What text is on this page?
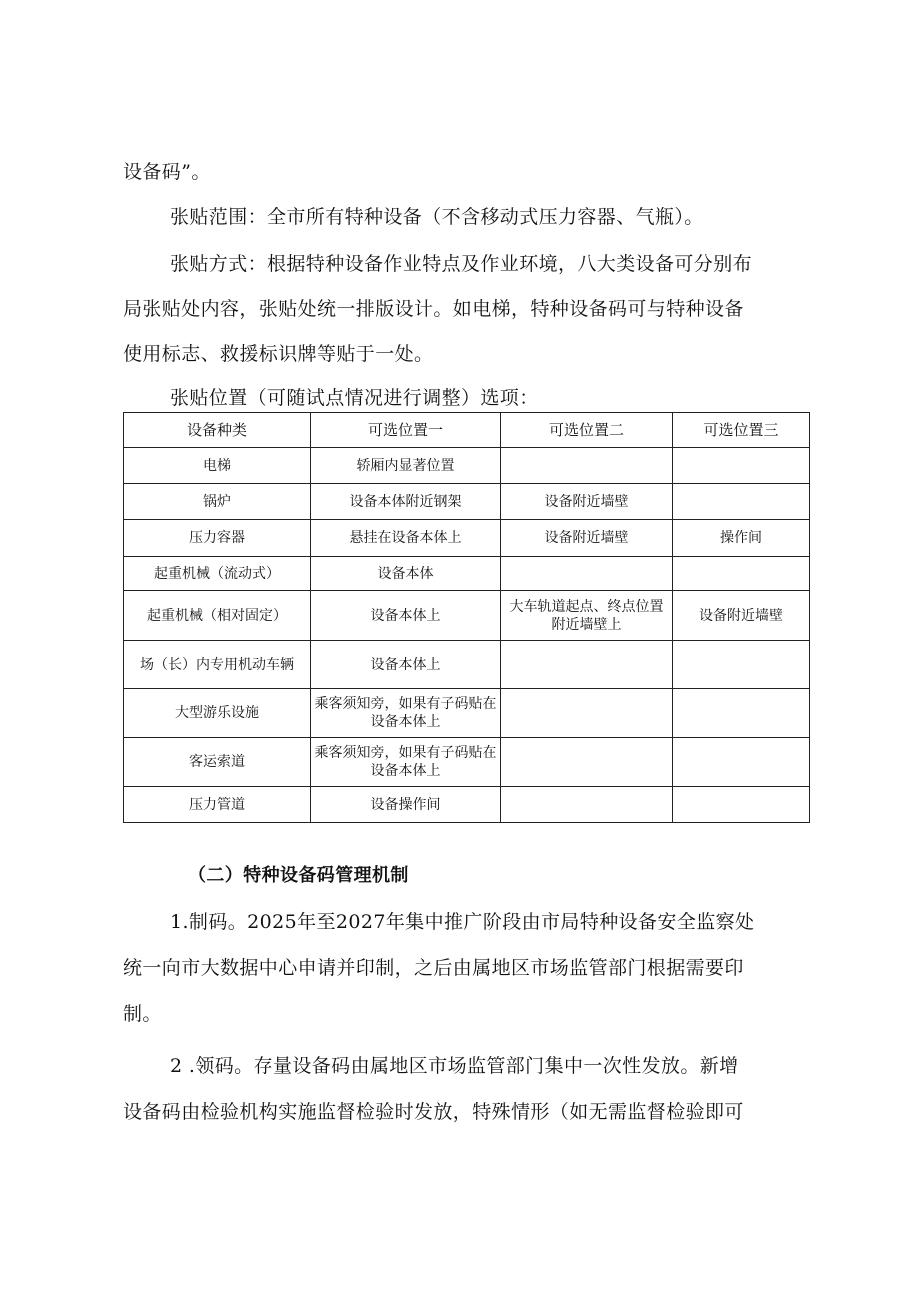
设备码”。
张贴范围：全市所有特种设备（不含移动式压力容器、气瓶）。
张贴方式：根据特种设备作业特点及作业环境，八大类设备可分别布
局张贴处内容，张贴处统一排版设计。如电梯，特种设备码可与特种设备
使用标志、救援标识牌等贴于一处。
张贴位置（可随试点情况进行调整）选项：
设备种类	可选位置一	可选位置二	可选位置三
电梯	轿厢内显著位置		
锅炉	设备本体附近钢架	设备附近墙壁	
压力容器	悬挂在设备本体上	设备附近墙壁	操作间
起重机械（流动式）	设备本体		
起重机械（相对固定）	设备本体上	大车轨道起点、终点位置附近墙壁上	设备附近墙壁
场（长）内专用机动车辆	设备本体上		
大型游乐设施	乘客须知旁，如果有子码贴在设备本体上		
客运索道	乘客须知旁，如果有子码贴在设备本体上		
压力管道	设备操作间		
（二）特种设备码管理机制
1.制码。2025年至2027年集中推广阶段由市局特种设备安全监察处
统一向市大数据中心申请并印制，之后由属地区市场监管部门根据需要印
制。
2 .领码。存量设备码由属地区市场监管部门集中一次性发放。新增
设备码由检验机构实施监督检验时发放，特殊情形（如无需监督检验即可
